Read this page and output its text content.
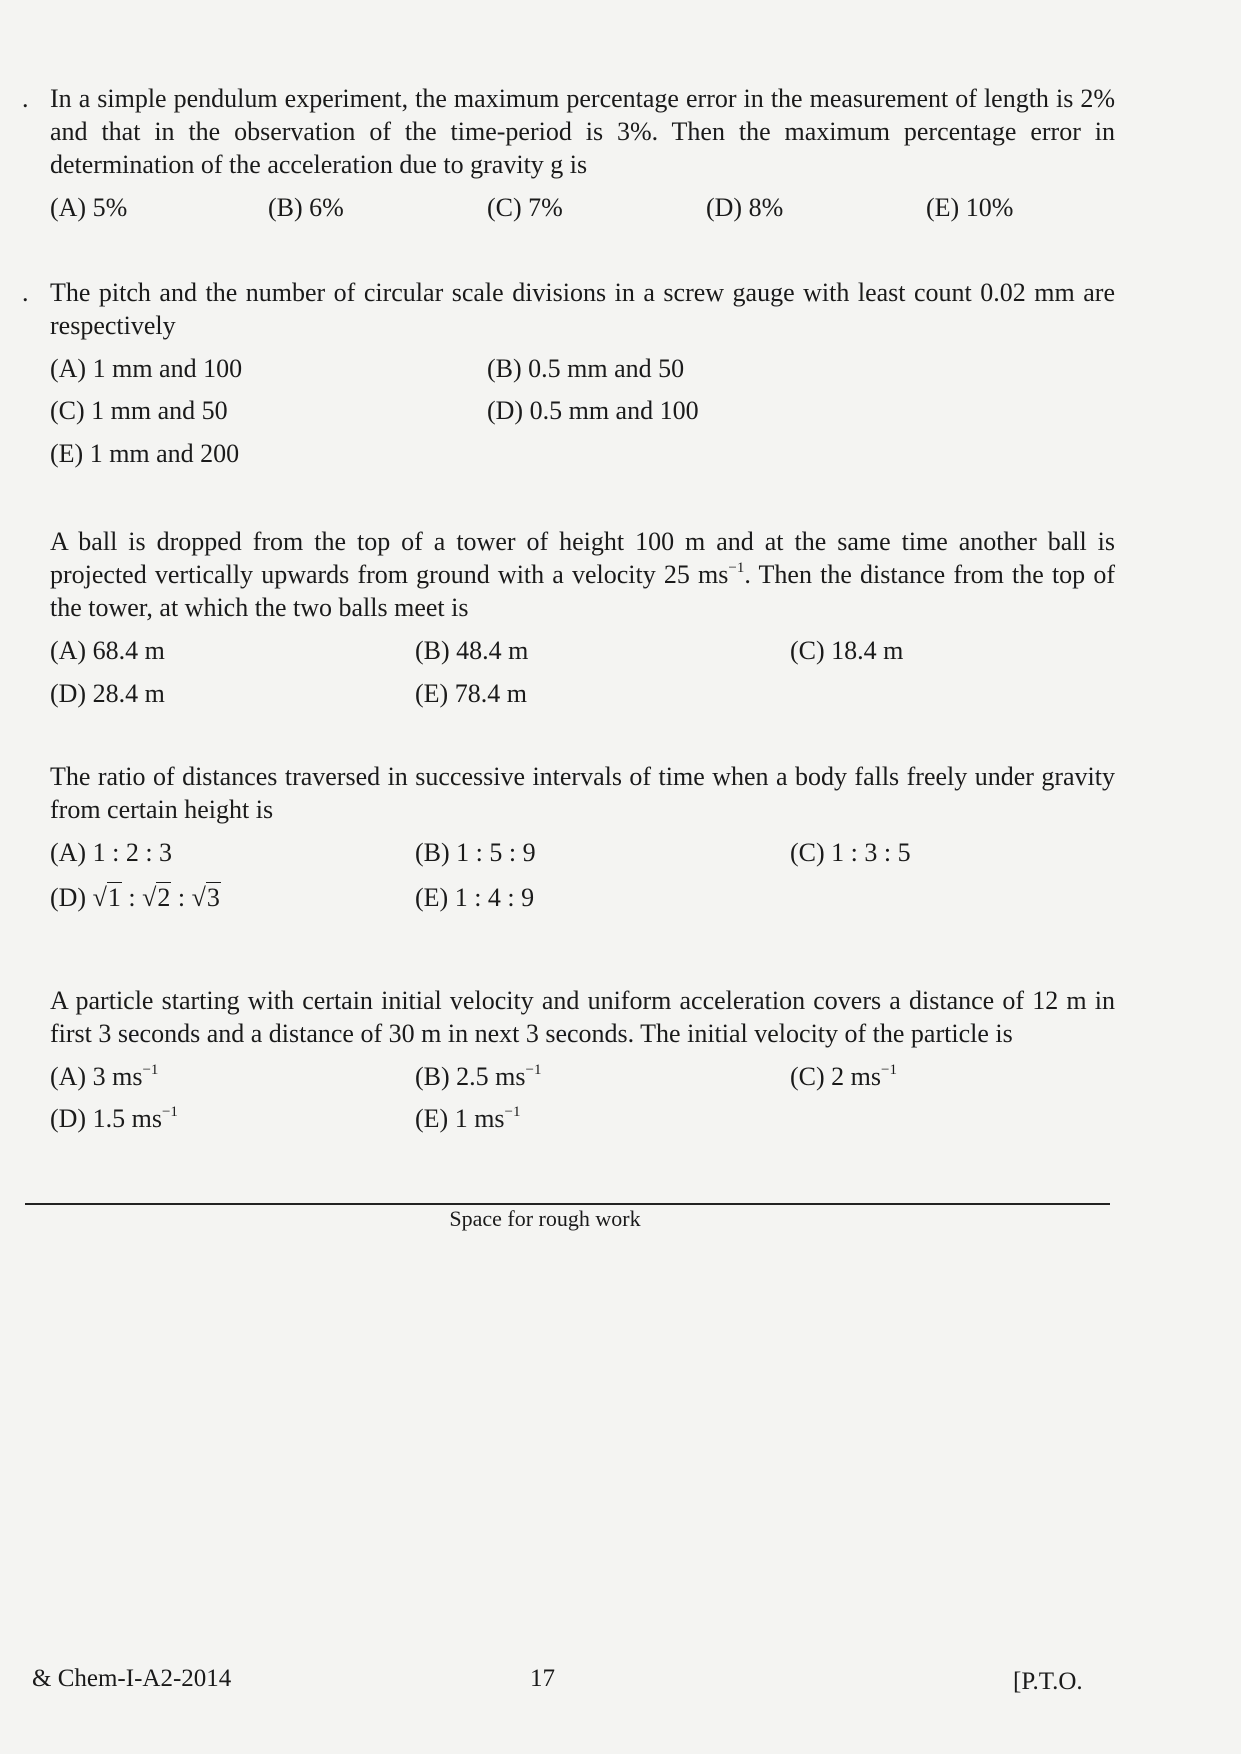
. In a simple pendulum experiment, the maximum percentage error in the measurement of length is 2% and that in the observation of the time-period is 3%. Then the maximum percentage error in determination of the acceleration due to gravity g is

(A) 5%	(B) 6%	(C) 7%	(D) 8%	(E) 10%
. The pitch and the number of circular scale divisions in a screw gauge with least count 0.02 mm are respectively

(A) 1 mm and 100	(B) 0.5 mm and 50
(C) 1 mm and 50	(D) 0.5 mm and 100
(E) 1 mm and 200

A ball is dropped from the top of a tower of height 100 m and at the same time another ball is projected vertically upwards from ground with a velocity 25 $ms^{-1}$. Then the distance from the top of the tower, at which the two balls meet is

(A) 68.4 m	(B) 48.4 m	(C) 18.4 m
(D) 28.4 m	(E) 78.4 m

The ratio of distances traversed in successive intervals of time when a body falls freely under gravity from certain height is

(A) 1 : 2 : 3	(B) 1 : 5 : 9	(C) 1 : 3 : 5
(D) √1 : √2 : √3	(E) 1 : 4 : 9

A particle starting with certain initial velocity and uniform acceleration covers a distance of 12 m in first 3 seconds and a distance of 30 m in next 3 seconds. The initial velocity of the particle is

(A) 3 $ms^{-1}$	(B) 2.5 $ms^{-1}$	(C) 2 $ms^{-1}$
(D) 1.5 $ms^{-1}$	(E) 1 $ms^{-1}$
Space for rough work
& Chem-I-A2-2014	17	[P.T.O.
